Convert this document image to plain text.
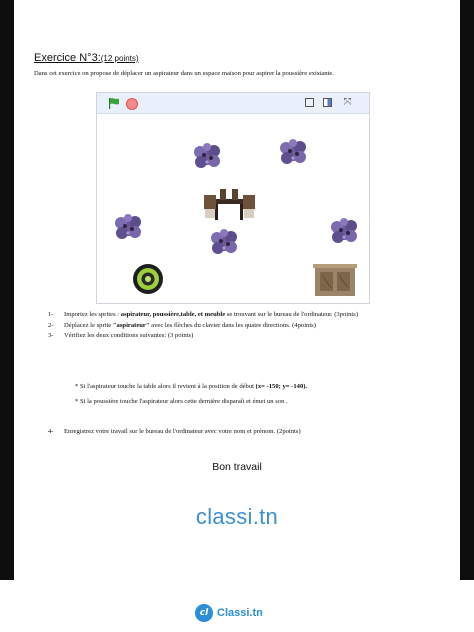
Exercice N°3:(12 points)
Dans cet exercice on propose de déplacer un aspirateur dans un espace maison pour aspirer la poussière existante.
⤧
1- Importez les sprites : aspirateur, poussière,table, et meuble se trouvant sur le bureau de l'ordinateur. (3points)
2- Déplacez le sprite "aspirateur" avec les flèches du clavier dans les quatre directions. (4points)
3- Vérifiez les deux conditions suivantes: (3 points)
* Si l'aspirateur touche la table alors il revient à la position de début (x= -150; y= -140).
* Si la poussière touche l'aspirateur alors cette dernière disparaît et émet un son .
4- Enregistrez votre travail sur le bureau de l'ordinateur avec votre nom et prénom. (2points)
Bon travail
classi.tn
cl Classi.tn
